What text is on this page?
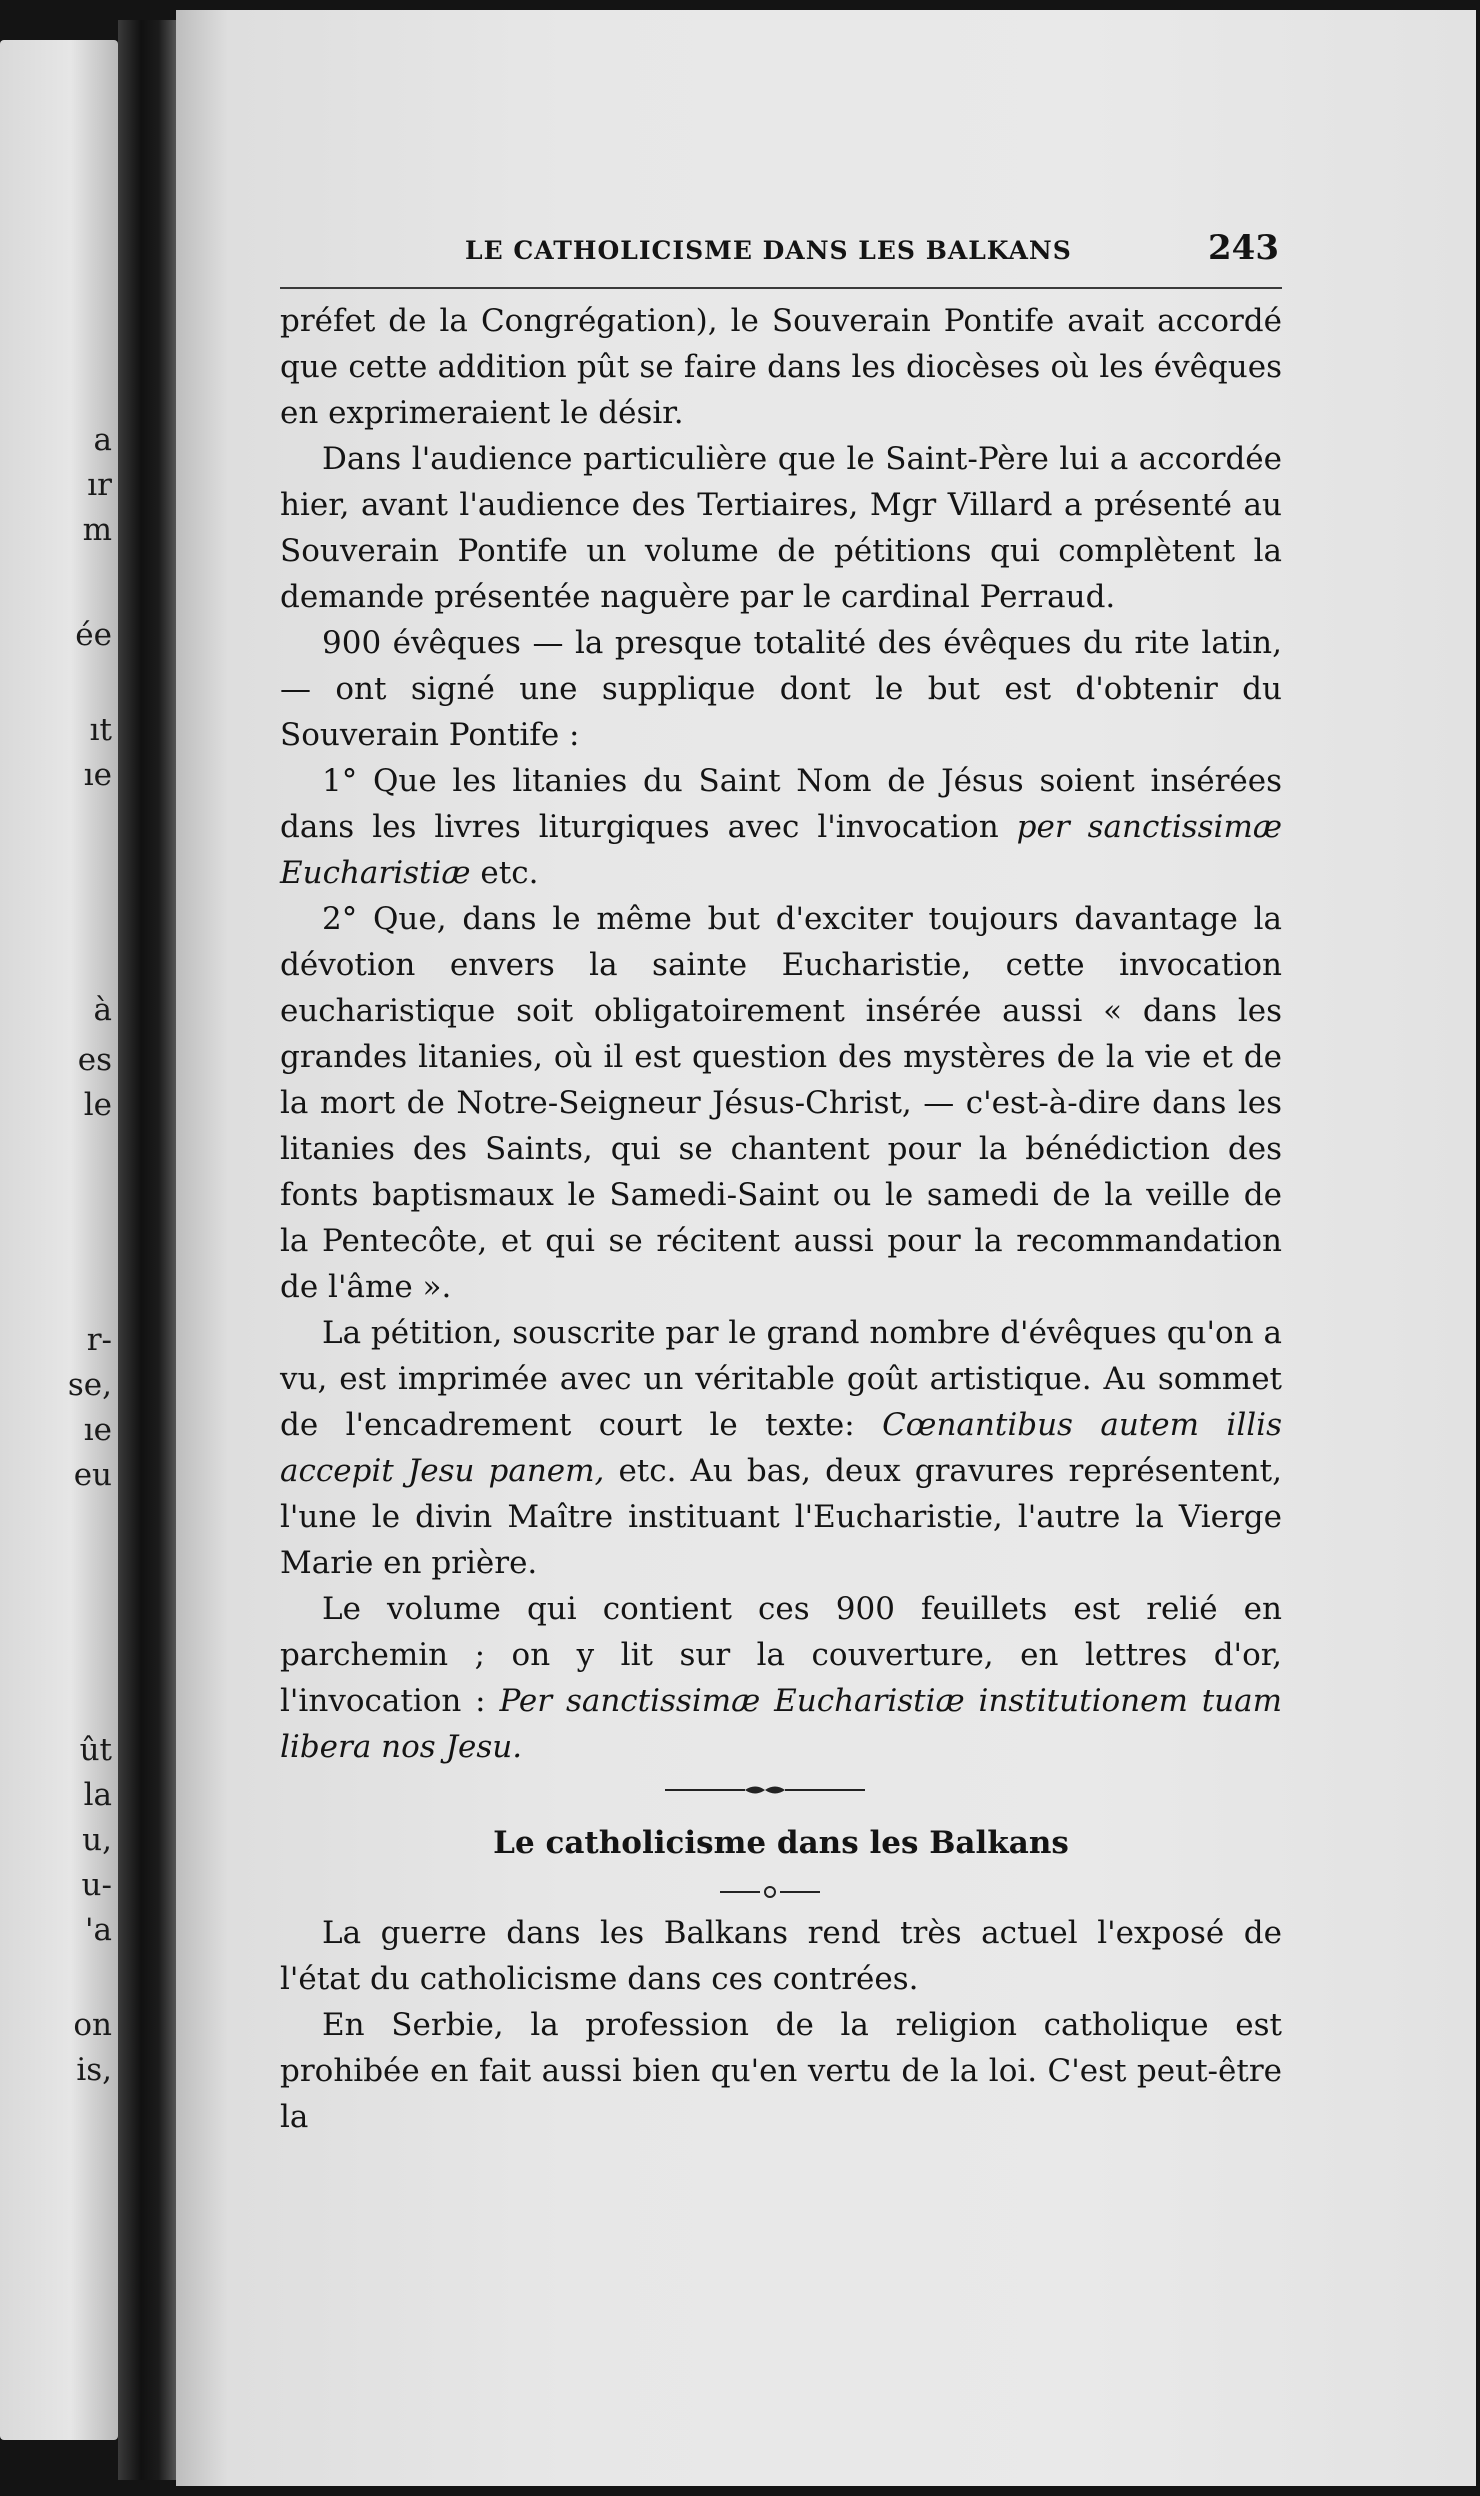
a
ır
m
ée
ıt
ıe
à
es
le
r-
se,
ıe
eu
ût
la
u,
u-
'a
on
is,
LE CATHOLICISME DANS LES BALKANS	243

préfet de la Congrégation), le Souverain Pontife avait accordé que cette addition pût se faire dans les diocèses où les évêques en exprimeraient le désir.

Dans l'audience particulière que le Saint-Père lui a accordée hier, avant l'audience des Tertiaires, Mgr Villard a présenté au Souverain Pontife un volume de pétitions qui complètent la demande présentée naguère par le cardinal Perraud.

900 évêques — la presque totalité des évêques du rite latin, — ont signé une supplique dont le but est d'obtenir du Souverain Pontife :

1° Que les litanies du Saint Nom de Jésus soient insérées dans les livres liturgiques avec l'invocation per sanctissimæ Eucharistiæ etc.

2° Que, dans le même but d'exciter toujours davantage la dévotion envers la sainte Eucharistie, cette invocation eucharistique soit obligatoirement insérée aussi « dans les grandes litanies, où il est question des mystères de la vie et de la mort de Notre-Seigneur Jésus-Christ, — c'est-à-dire dans les litanies des Saints, qui se chantent pour la bénédiction des fonts baptismaux le Samedi-Saint ou le samedi de la veille de la Pentecôte, et qui se récitent aussi pour la recommandation de l'âme ».

La pétition, souscrite par le grand nombre d'évêques qu'on a vu, est imprimée avec un véritable goût artistique. Au sommet de l'encadrement court le texte: Cœnantibus autem illis accepit Jesu panem, etc. Au bas, deux gravures représentent, l'une le divin Maître instituant l'Eucharistie, l'autre la Vierge Marie en prière.

Le volume qui contient ces 900 feuillets est relié en parchemin ; on y lit sur la couverture, en lettres d'or, l'invocation : Per sanctissimæ Eucharistiæ institutionem tuam libera nos Jesu.

Le catholicisme dans les Balkans

La guerre dans les Balkans rend très actuel l'exposé de l'état du catholicisme dans ces contrées.

En Serbie, la profession de la religion catholique est prohibée en fait aussi bien qu'en vertu de la loi. C'est peut-être la
